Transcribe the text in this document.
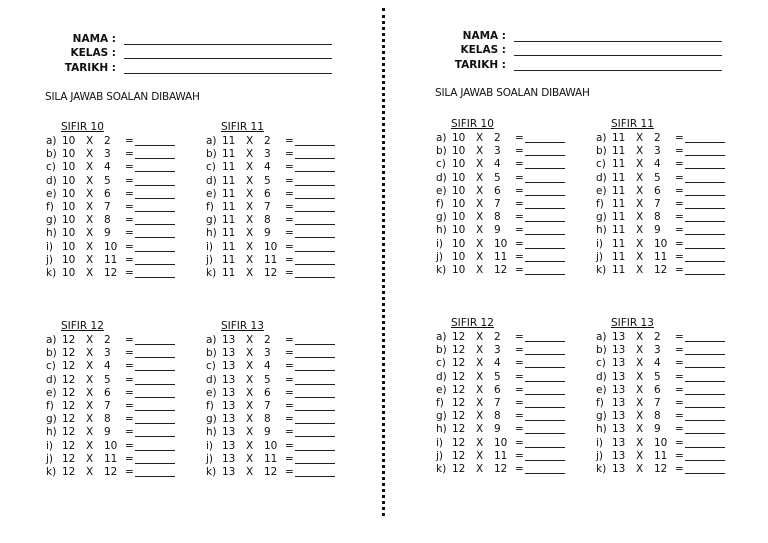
NAMA :
KELAS :
TARIKH :
SILA JAWAB SOALAN DIBAWAH
SIFIR 10
a) 10 X 2 =
b) 10 X 3 =
c) 10 X 4 =
d) 10 X 5 =
e) 10 X 6 =
f) 10 X 7 =
g) 10 X 8 =
h) 10 X 9 =
i) 10 X 10 =
j) 10 X 11 =
k) 10 X 12 =
SIFIR 11
a) 11 X 2 =
b) 11 X 3 =
c) 11 X 4 =
d) 11 X 5 =
e) 11 X 6 =
f) 11 X 7 =
g) 11 X 8 =
h) 11 X 9 =
i) 11 X 10 =
j) 11 X 11 =
k) 11 X 12 =
SIFIR 12
a) 12 X 2 =
b) 12 X 3 =
c) 12 X 4 =
d) 12 X 5 =
e) 12 X 6 =
f) 12 X 7 =
g) 12 X 8 =
h) 12 X 9 =
i) 12 X 10 =
j) 12 X 11 =
k) 12 X 12 =
SIFIR 13
a) 13 X 2 =
b) 13 X 3 =
c) 13 X 4 =
d) 13 X 5 =
e) 13 X 6 =
f) 13 X 7 =
g) 13 X 8 =
h) 13 X 9 =
i) 13 X 10 =
j) 13 X 11 =
k) 13 X 12 =
NAMA :
KELAS :
TARIKH :
SILA JAWAB SOALAN DIBAWAH
SIFIR 10
a) 10 X 2 =
b) 10 X 3 =
c) 10 X 4 =
d) 10 X 5 =
e) 10 X 6 =
f) 10 X 7 =
g) 10 X 8 =
h) 10 X 9 =
i) 10 X 10 =
j) 10 X 11 =
k) 10 X 12 =
SIFIR 11
a) 11 X 2 =
b) 11 X 3 =
c) 11 X 4 =
d) 11 X 5 =
e) 11 X 6 =
f) 11 X 7 =
g) 11 X 8 =
h) 11 X 9 =
i) 11 X 10 =
j) 11 X 11 =
k) 11 X 12 =
SIFIR 12
a) 12 X 2 =
b) 12 X 3 =
c) 12 X 4 =
d) 12 X 5 =
e) 12 X 6 =
f) 12 X 7 =
g) 12 X 8 =
h) 12 X 9 =
i) 12 X 10 =
j) 12 X 11 =
k) 12 X 12 =
SIFIR 13
a) 13 X 2 =
b) 13 X 3 =
c) 13 X 4 =
d) 13 X 5 =
e) 13 X 6 =
f) 13 X 7 =
g) 13 X 8 =
h) 13 X 9 =
i) 13 X 10 =
j) 13 X 11 =
k) 13 X 12 =
